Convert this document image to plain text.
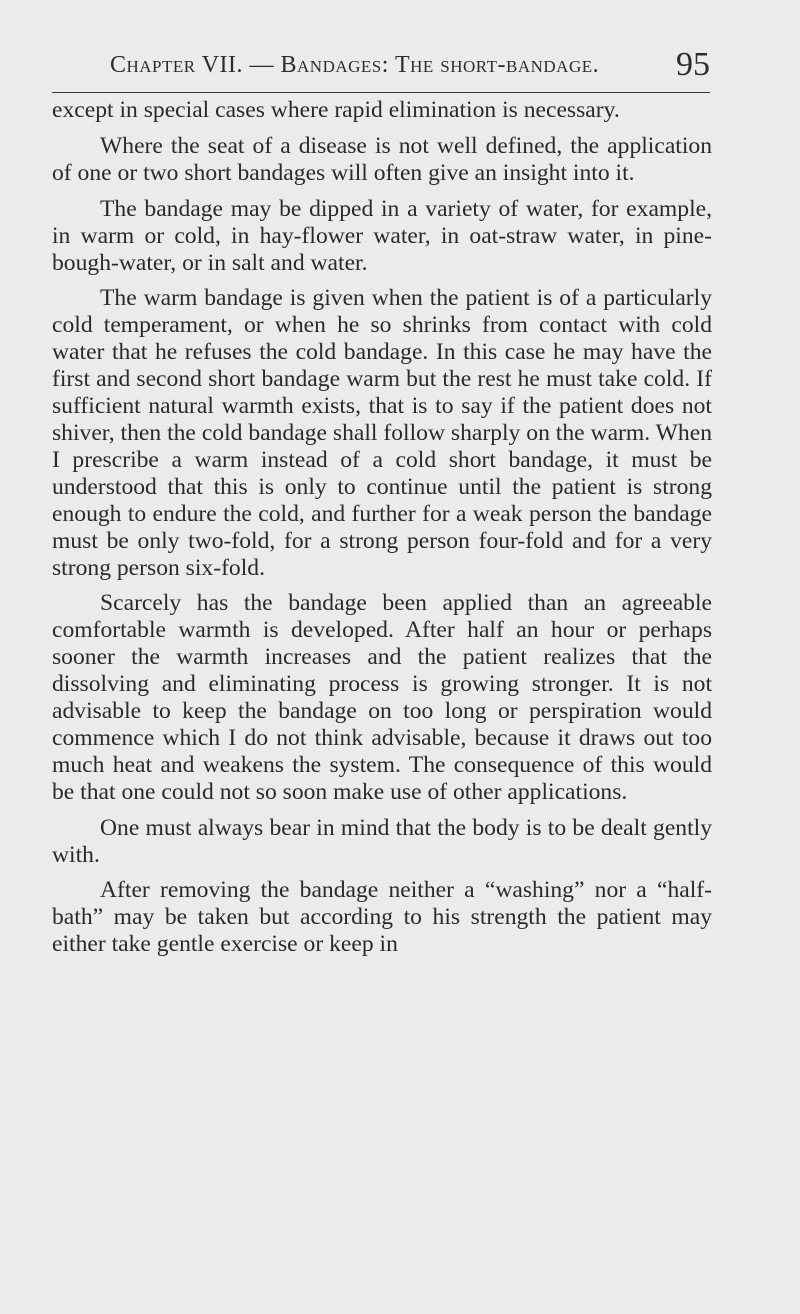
Chapter VII. — Bandages: The short-bandage. 95

except in special cases where rapid elimination is necessary.

Where the seat of a disease is not well defined, the application of one or two short bandages will often give an insight into it.

The bandage may be dipped in a variety of water, for example, in warm or cold, in hay-flower water, in oat-straw water, in pine-bough-water, or in salt and water.

The warm bandage is given when the patient is of a particularly cold temperament, or when he so shrinks from contact with cold water that he refuses the cold bandage. In this case he may have the first and second short bandage warm but the rest he must take cold. If sufficient natural warmth exists, that is to say if the patient does not shiver, then the cold bandage shall follow sharply on the warm. When I prescribe a warm instead of a cold short bandage, it must be understood that this is only to continue until the patient is strong enough to endure the cold, and further for a weak person the bandage must be only two-fold, for a strong person four-fold and for a very strong person six-fold.

Scarcely has the bandage been applied than an agreeable comfortable warmth is developed. After half an hour or perhaps sooner the warmth increases and the patient realizes that the dissolving and eliminating process is growing stronger. It is not advisable to keep the bandage on too long or perspiration would commence which I do not think advisable, because it draws out too much heat and weakens the system. The consequence of this would be that one could not so soon make use of other applications.

One must always bear in mind that the body is to be dealt gently with.

After removing the bandage neither a “washing” nor a “half-bath” may be taken but according to his strength the patient may either take gentle exercise or keep in
